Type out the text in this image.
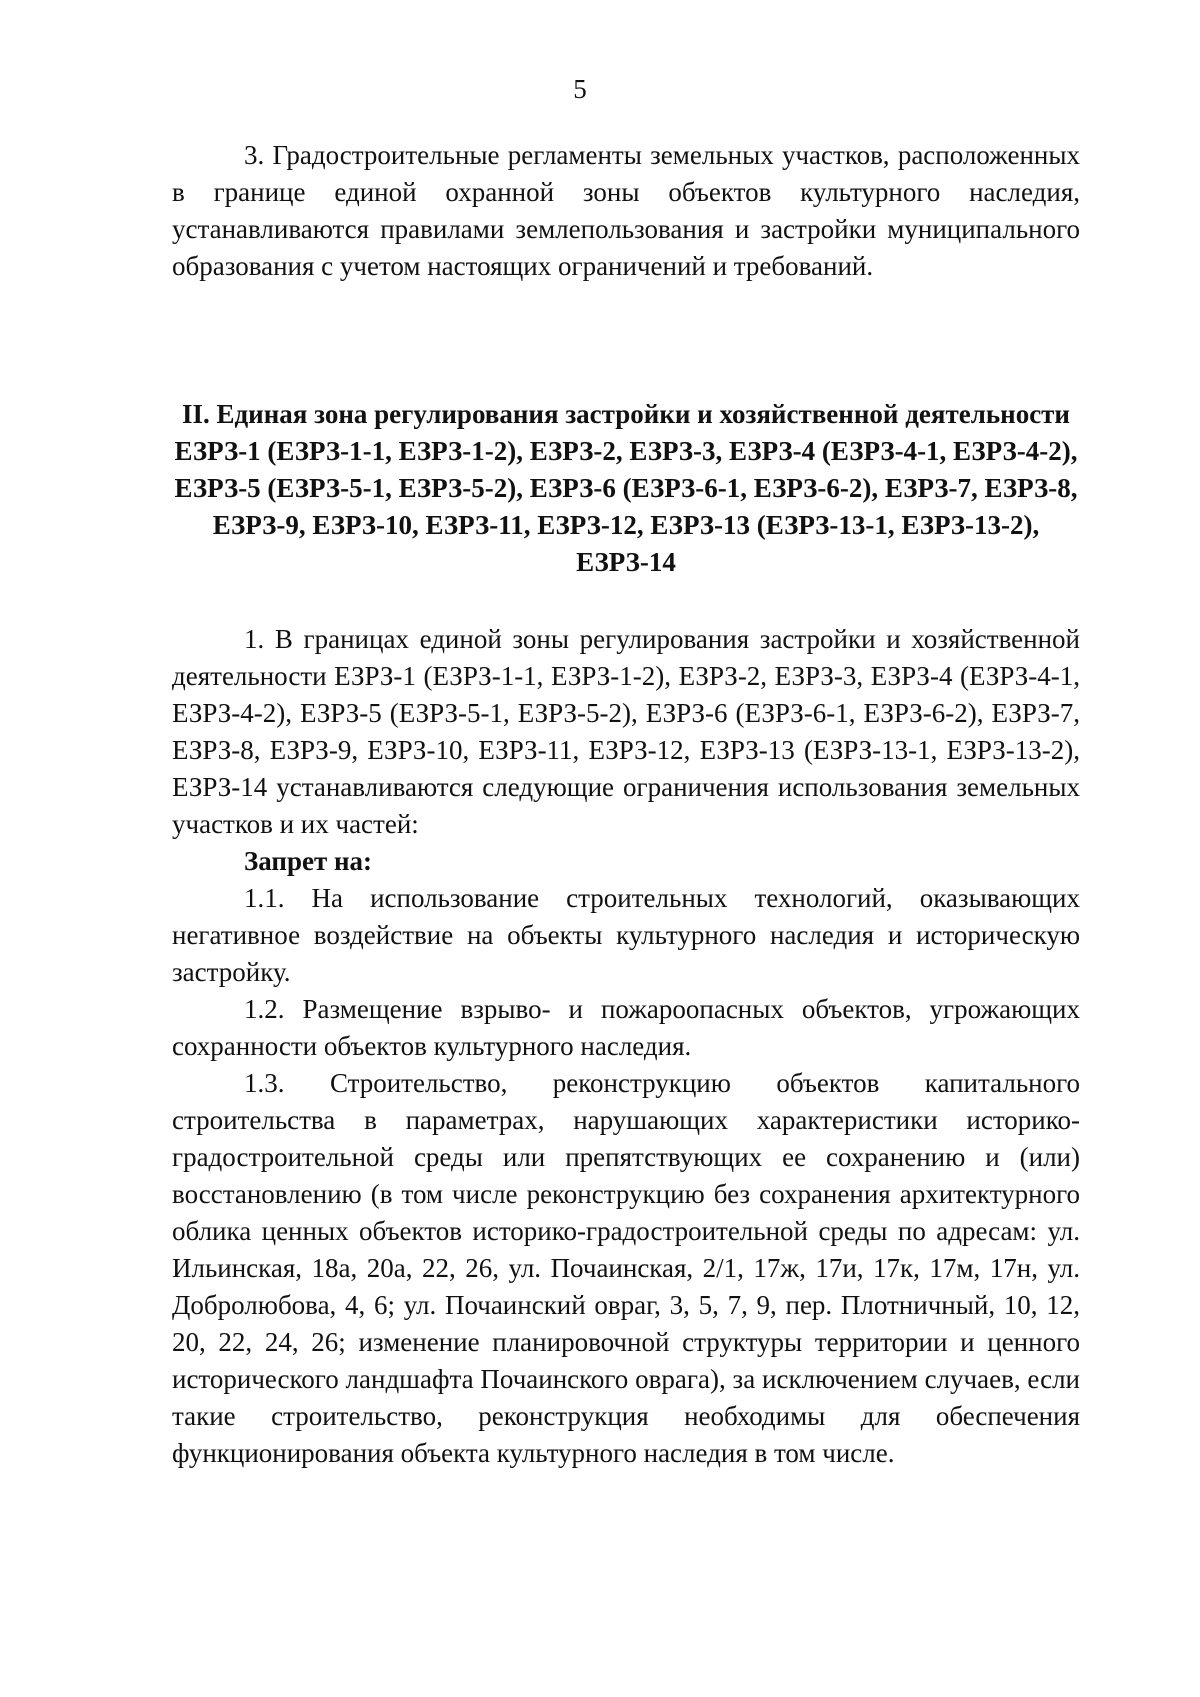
5

3. Градостроительные регламенты земельных участков, расположенных в границе единой охранной зоны объектов культурного наследия, устанавливаются правилами землепользования и застройки муниципального образования с учетом настоящих ограничений и требований.

II. Единая зона регулирования застройки и хозяйственной деятельности ЕЗРЗ-1 (ЕЗРЗ-1-1, ЕЗРЗ-1-2), ЕЗРЗ-2, ЕЗРЗ-3, ЕЗРЗ-4 (ЕЗРЗ-4-1, ЕЗРЗ-4-2), ЕЗРЗ-5 (ЕЗРЗ-5-1, ЕЗРЗ-5-2), ЕЗРЗ-6 (ЕЗРЗ-6-1, ЕЗРЗ-6-2), ЕЗРЗ-7, ЕЗРЗ-8, ЕЗРЗ-9, ЕЗРЗ-10, ЕЗРЗ-11, ЕЗРЗ-12, ЕЗРЗ-13 (ЕЗРЗ-13-1, ЕЗРЗ-13-2), ЕЗРЗ-14

1. В границах единой зоны регулирования застройки и хозяйственной деятельности ЕЗРЗ-1 (ЕЗРЗ-1-1, ЕЗРЗ-1-2), ЕЗРЗ-2, ЕЗРЗ-3, ЕЗРЗ-4 (ЕЗРЗ-4-1, ЕЗРЗ-4-2), ЕЗРЗ-5 (ЕЗРЗ-5-1, ЕЗРЗ-5-2), ЕЗРЗ-6 (ЕЗРЗ-6-1, ЕЗРЗ-6-2), ЕЗРЗ-7, ЕЗРЗ-8, ЕЗРЗ-9, ЕЗРЗ-10, ЕЗРЗ-11, ЕЗРЗ-12, ЕЗРЗ-13 (ЕЗРЗ-13-1, ЕЗРЗ-13-2), ЕЗРЗ-14 устанавливаются следующие ограничения использования земельных участков и их частей:

Запрет на:

1.1. На использование строительных технологий, оказывающих негативное воздействие на объекты культурного наследия и историческую застройку.

1.2. Размещение взрыво- и пожароопасных объектов, угрожающих сохранности объектов культурного наследия.

1.3. Строительство, реконструкцию объектов капитального строительства в параметрах, нарушающих характеристики историко-градостроительной среды или препятствующих ее сохранению и (или) восстановлению (в том числе реконструкцию без сохранения архитектурного облика ценных объектов историко-градостроительной среды по адресам: ул. Ильинская, 18а, 20а, 22, 26, ул. Почаинская, 2/1, 17ж, 17и, 17к, 17м, 17н, ул. Добролюбова, 4, 6; ул. Почаинский овраг, 3, 5, 7, 9, пер. Плотничный, 10, 12, 20, 22, 24, 26; изменение планировочной структуры территории и ценного исторического ландшафта Почаинского оврага), за исключением случаев, если такие строительство, реконструкция необходимы для обеспечения функционирования объекта культурного наследия в том числе.
